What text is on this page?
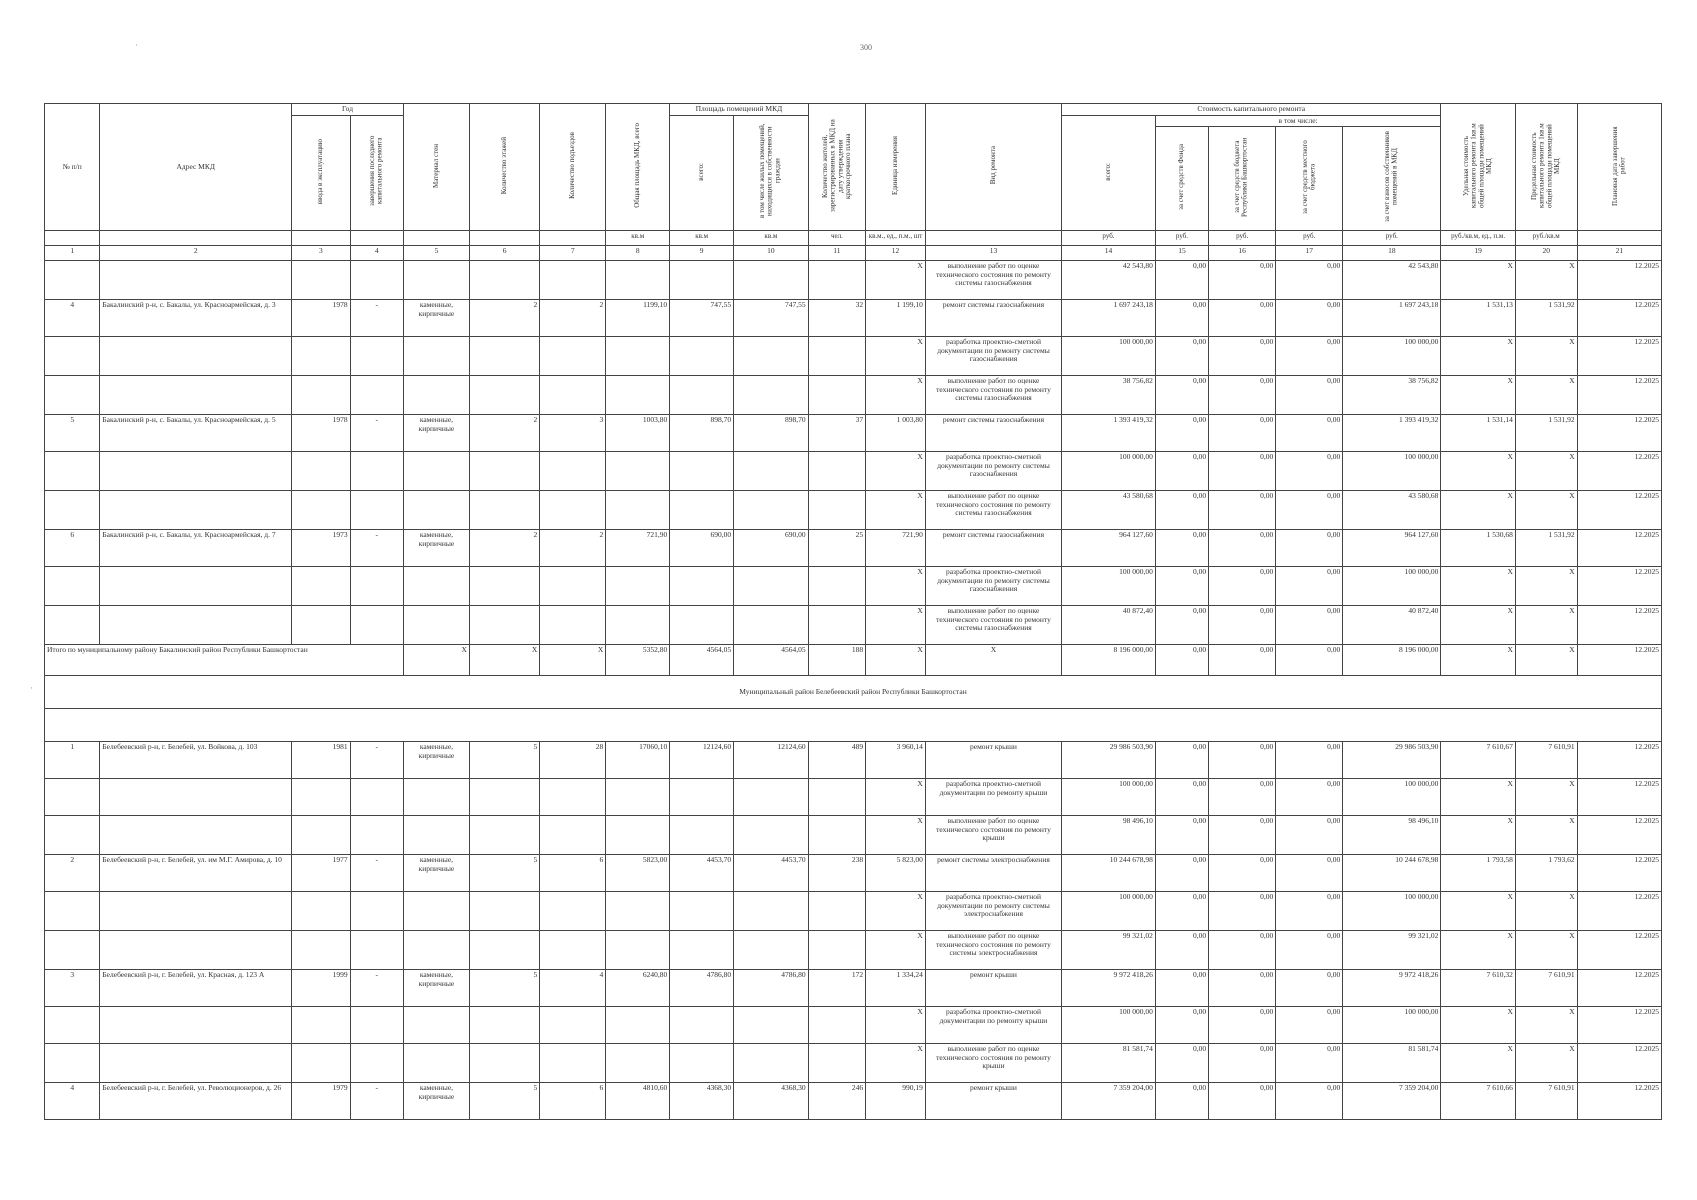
300
·
·
№ п/п	Адрес МКД	Год		Материал стен	Количество этажей	Количество подъездов	Общая площадь МКД, всего	Площадь помещений МКД		Количество жителей, зарегистрированных в МКД на дату утверждения краткосрочного плана	Единица измерения	Вид ремонта	Стоимость капитального ремонта					Удельная стоимость капитального ремонта 1кв.м общей площади помещений МКД	Предельная стоимость капитального ремонта 1кв.м общей площади помещений МКД	Плановая дата завершения работ
		ввода в эксплуатацию	завершения последнего капитального ремонта					всего:	в том числе жилых помещений, находящихся в собственности граждан				всего:	в том числе:						
														за счет средств Фонда	за счет средств бюджета Республики Башкортостан	за счет средств местного бюджета	за счет взносов собственников помещений в МКД			
							кв.м	кв.м	кв.м	чел.	кв.м., ед., п.м., шт		руб.	руб.	руб.	руб.	руб.	руб./кв.м, ед., п.м.	руб./кв.м	
1	2	3	4	5	6	7	8	9	10	11	12	13	14	15	16	17	18	19	20	21
											X	выполнение работ по оценке технического состояния по ремонту системы газоснабжения	42 543,80	0,00	0,00	0,00	42 543,80	X	X	12.2025
4	Бакалинский р-н, с. Бакалы, ул. Красноармейская, д. 3	1978	-	каменные, кирпичные	2	2	1199,10	747,55	747,55	32	1 199,10	ремонт системы газоснабжения	1 697 243,18	0,00	0,00	0,00	1 697 243,18	1 531,13	1 531,92	12.2025
											X	разработка проектно-сметной документации по ремонту системы газоснабжения	100 000,00	0,00	0,00	0,00	100 000,00	X	X	12.2025
											X	выполнение работ по оценке технического состояния по ремонту системы газоснабжения	38 756,82	0,00	0,00	0,00	38 756,82	X	X	12.2025
5	Бакалинский р-н, с. Бакалы, ул. Красноармейская, д. 5	1978	-	каменные, кирпичные	2	3	1003,80	898,70	898,70	37	1 003,80	ремонт системы газоснабжения	1 393 419,32	0,00	0,00	0,00	1 393 419,32	1 531,14	1 531,92	12.2025
											X	разработка проектно-сметной документации по ремонту системы газоснабжения	100 000,00	0,00	0,00	0,00	100 000,00	X	X	12.2025
											X	выполнение работ по оценке технического состояния по ремонту системы газоснабжения	43 580,68	0,00	0,00	0,00	43 580,68	X	X	12.2025
6	Бакалинский р-н, с. Бакалы, ул. Красноармейская, д. 7	1973	-	каменные, кирпичные	2	2	721,90	690,00	690,00	25	721,90	ремонт системы газоснабжения	964 127,60	0,00	0,00	0,00	964 127,60	1 530,68	1 531,92	12.2025
											X	разработка проектно-сметной документации по ремонту системы газоснабжения	100 000,00	0,00	0,00	0,00	100 000,00	X	X	12.2025
											X	выполнение работ по оценке технического состояния по ремонту системы газоснабжения	40 872,40	0,00	0,00	0,00	40 872,40	X	X	12.2025
Итого по муниципальному району Бакалинский район Республики Башкортостан				X	X	X	5352,80	4564,05	4564,05	188	X	X	8 196 000,00	0,00	0,00	0,00	8 196 000,00	X	X	12.2025
Муниципальный район Белебеевский район Республики Башкортостан																				

1	Белебеевский р-н, г. Белебей, ул. Войкова, д. 103	1981	-	каменные, кирпичные	5	28	17060,10	12124,60	12124,60	489	3 960,14	ремонт крыши	29 986 503,90	0,00	0,00	0,00	29 986 503,90	7 610,67	7 610,91	12.2025
											X	разработка проектно-сметной документации по ремонту крыши	100 000,00	0,00	0,00	0,00	100 000,00	X	X	12.2025
											X	выполнение работ по оценке технического состояния по ремонту крыши	98 496,10	0,00	0,00	0,00	98 496,10	X	X	12.2025
2	Белебеевский р-н, г. Белебей, ул. им М.Г. Амирова, д. 10	1977	-	каменные, кирпичные	5	6	5823,00	4453,70	4453,70	238	5 823,00	ремонт системы электроснабжения	10 244 678,98	0,00	0,00	0,00	10 244 678,98	1 793,58	1 793,62	12.2025
											X	разработка проектно-сметной документации по ремонту системы электроснабжения	100 000,00	0,00	0,00	0,00	100 000,00	X	X	12.2025
											X	выполнение работ по оценке технического состояния по ремонту системы электроснабжения	99 321,02	0,00	0,00	0,00	99 321,02	X	X	12.2025
3	Белебеевский р-н, г. Белебей, ул. Красная, д. 123 А	1999	-	каменные, кирпичные	5	4	6240,80	4786,80	4786,80	172	1 334,24	ремонт крыши	9 972 418,26	0,00	0,00	0,00	9 972 418,26	7 610,32	7 610,91	12.2025
											X	разработка проектно-сметной документации по ремонту крыши	100 000,00	0,00	0,00	0,00	100 000,00	X	X	12.2025
											X	выполнение работ по оценке технического состояния по ремонту крыши	81 581,74	0,00	0,00	0,00	81 581,74	X	X	12.2025
4	Белебеевский р-н, г. Белебей, ул. Революционеров, д. 26	1979	-	каменные, кирпичные	5	6	4810,60	4368,30	4368,30	246	990,19	ремонт крыши	7 359 204,00	0,00	0,00	0,00	7 359 204,00	7 610,66	7 610,91	12.2025
